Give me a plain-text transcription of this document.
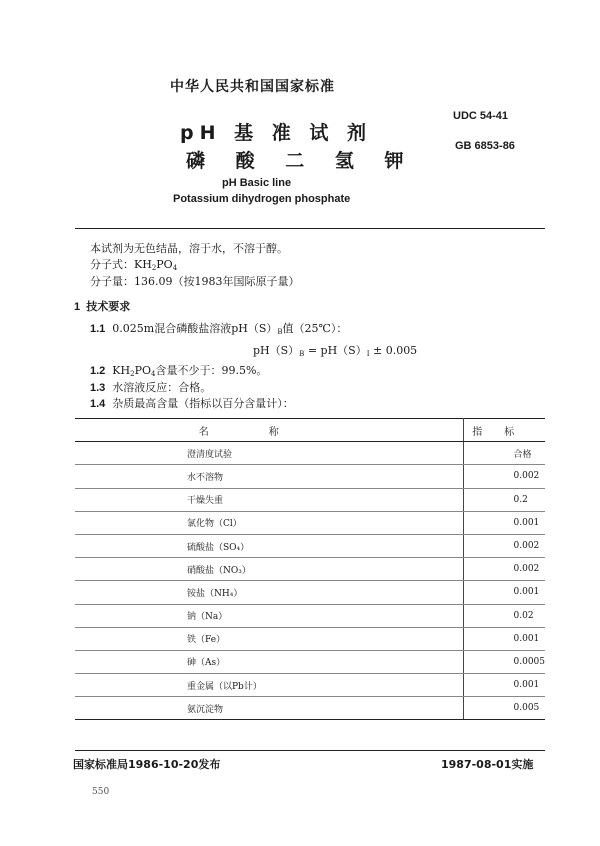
中华人民共和国国家标准
UDC 54-41
GB 6853-86
pH 基 准 试 剂
磷 酸 二 氢 钾
pH Basic line
Potassium dihydrogen phosphate
本试剂为无色结晶，溶于水，不溶于醇。
分子式：$KH_2PO_4$
分子量：136.09（按1983年国际原子量）
1 技术要求
1.1 0.025m混合磷酸盐溶液$pH(S)_B$值（25℃）：
$pH(S)_B = pH(S)_I \pm 0.005$
1.2 $KH_2PO_4$含量不少于：99.5%。
1.3 水溶液反应：合格。
1.4 杂质最高含量（指标以百分含量计）：
名称	指标
澄清度试验	合格
水不溶物	0.002
干燥失重	0.2
氯化物（Cl）	0.001
硫酸盐（SO₄）	0.002
硝酸盐（NO₃）	0.002
铵盐（NH₄）	0.001
钠（Na）	0.02
铁（Fe）	0.001
砷（As）	0.0005
重金属（以Pb计）	0.001
氨沉淀物	0.005
国家标准局1986-10-20发布	1987-08-01实施
550
